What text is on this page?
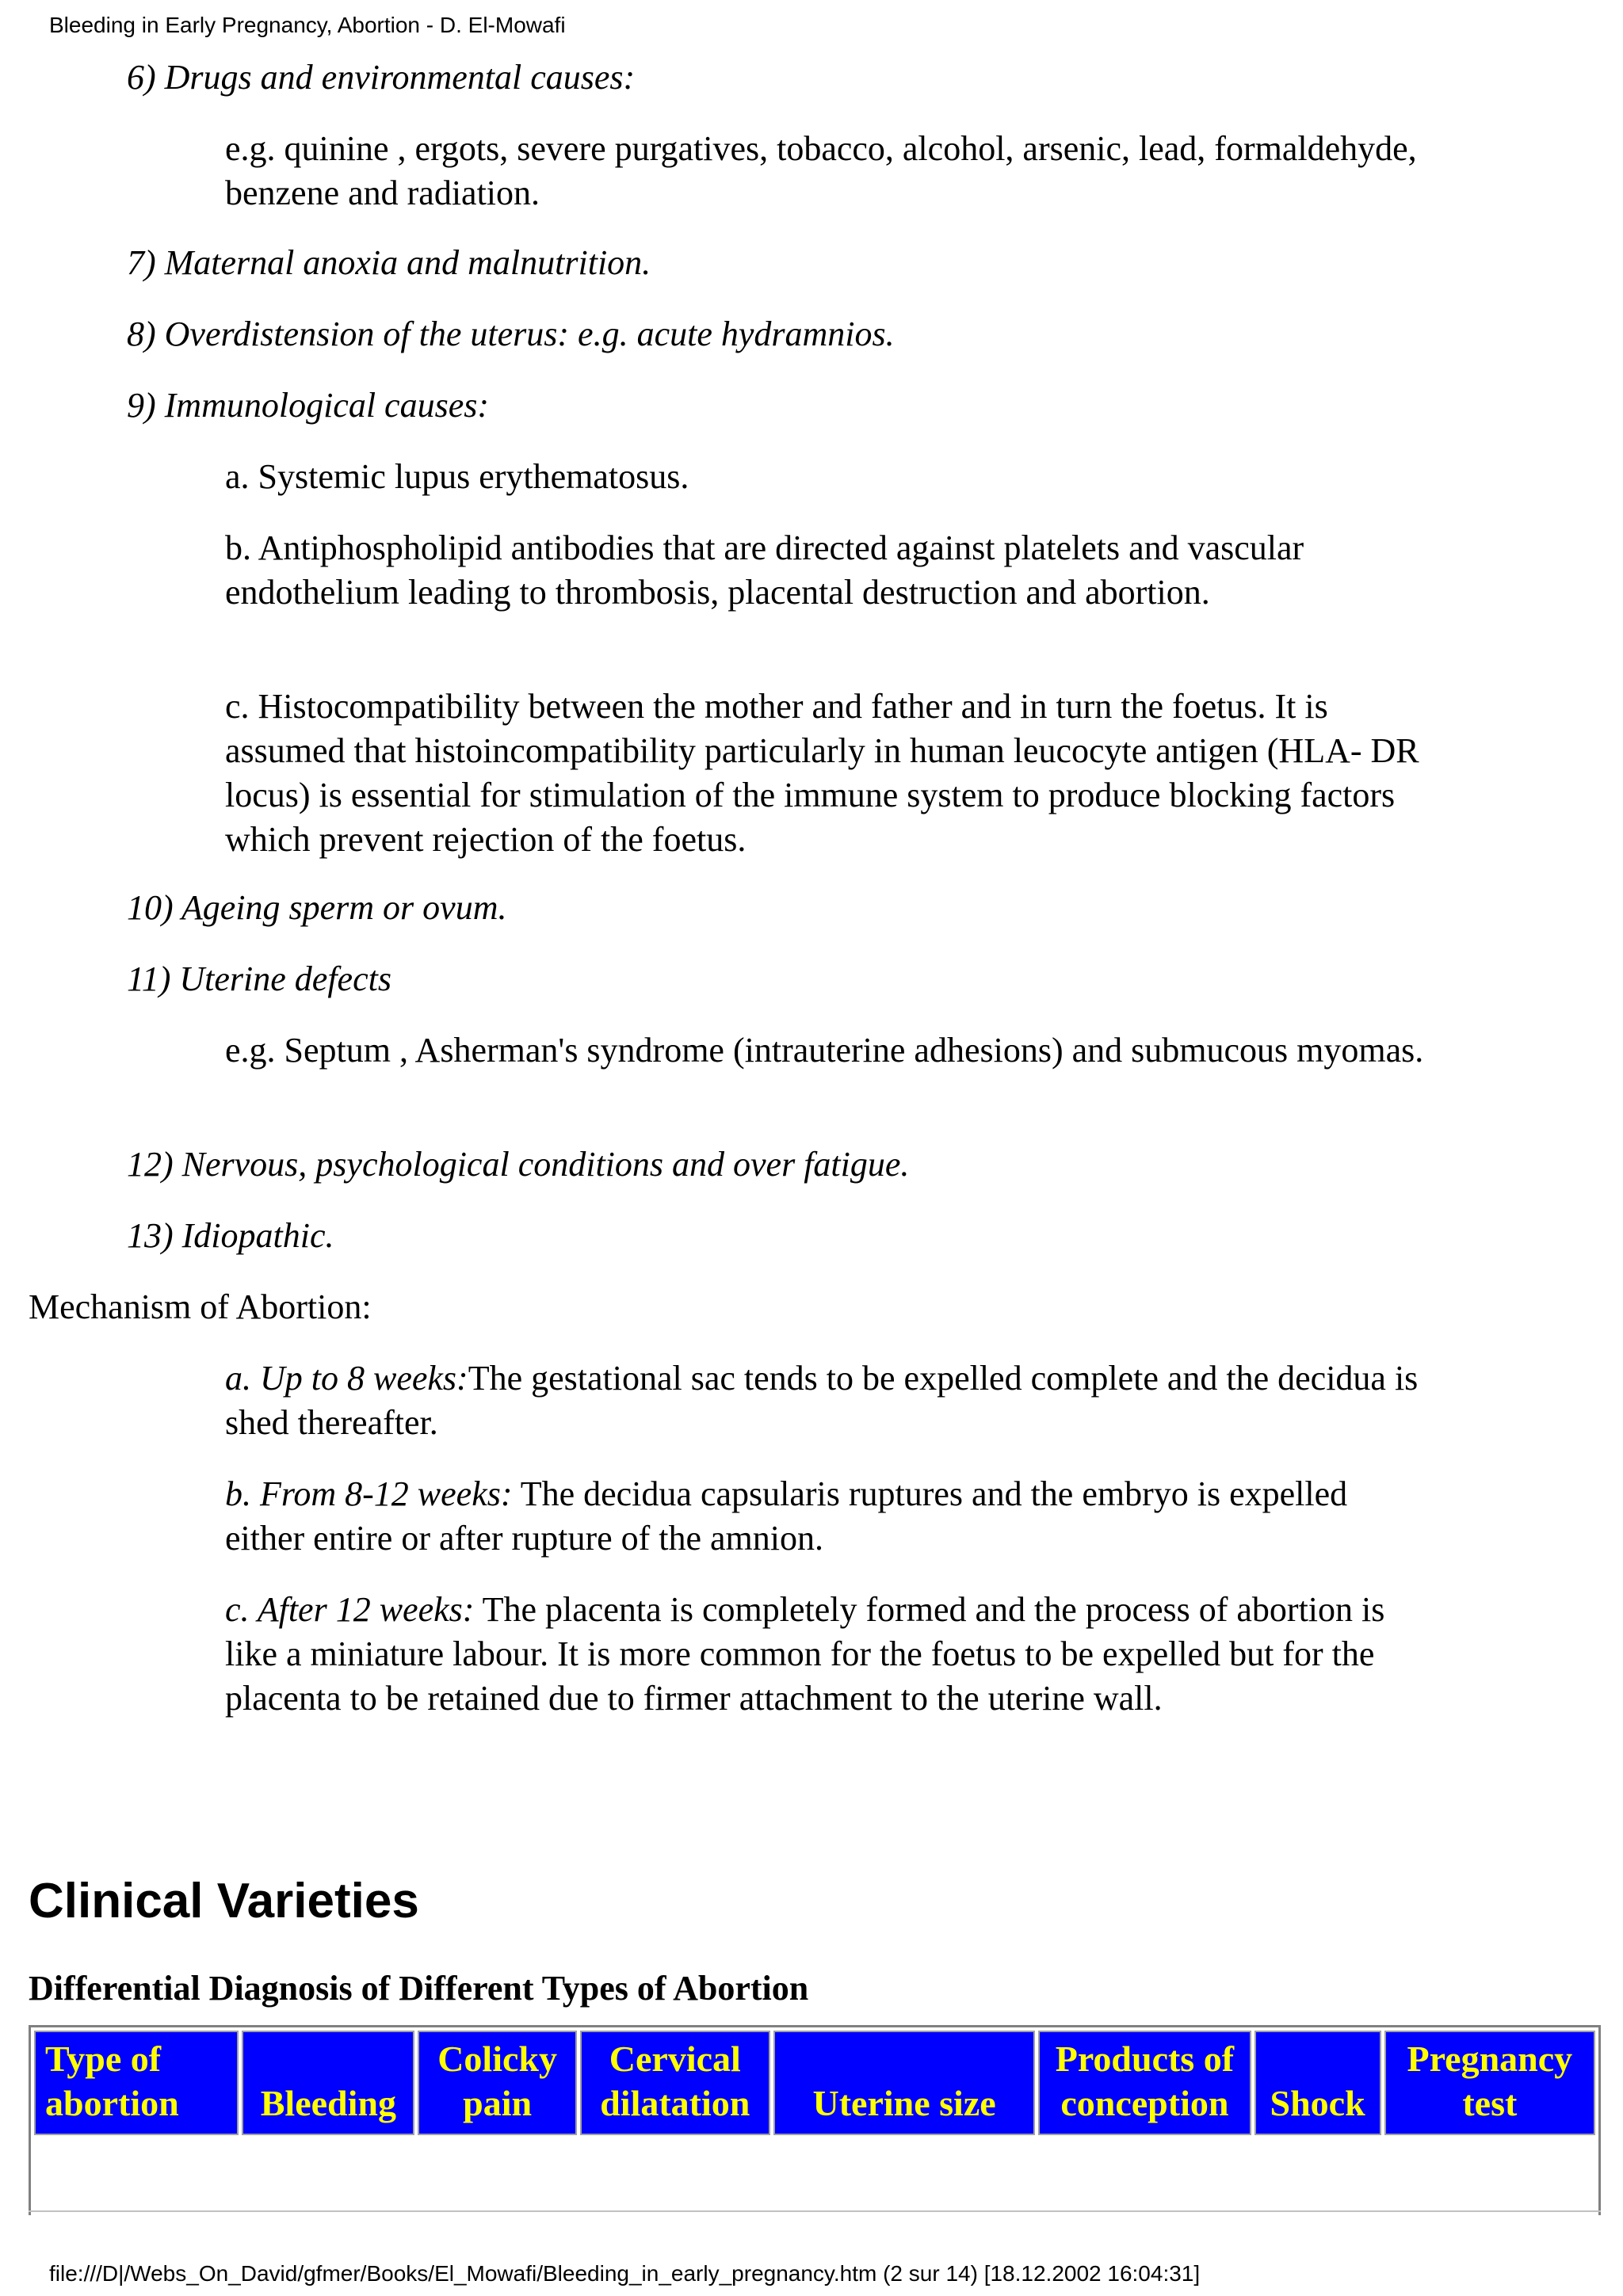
Bleeding in Early Pregnancy, Abortion - D. El-Mowafi
6) Drugs and environmental causes:
e.g. quinine , ergots, severe purgatives, tobacco, alcohol, arsenic, lead, formaldehyde, benzene and radiation.
7) Maternal anoxia and malnutrition.
8) Overdistension of the uterus: e.g. acute hydramnios.
9) Immunological causes:
a. Systemic lupus erythematosus.
b. Antiphospholipid antibodies that are directed against platelets and vascular endothelium leading to thrombosis, placental destruction and abortion.
c. Histocompatibility between the mother and father and in turn the foetus. It is assumed that histoincompatibility particularly in human leucocyte antigen (HLA- DR locus) is essential for stimulation of the immune system to produce blocking factors which prevent rejection of the foetus.
10) Ageing sperm or ovum.
11) Uterine defects
e.g. Septum , Asherman's syndrome (intrauterine adhesions) and submucous myomas.
12) Nervous, psychological conditions and over fatigue.
13) Idiopathic.
Mechanism of Abortion:
a. Up to 8 weeks:The gestational sac tends to be expelled complete and the decidua is shed thereafter.
b. From 8-12 weeks: The decidua capsularis ruptures and the embryo is expelled either entire or after rupture of the amnion.
c. After 12 weeks: The placenta is completely formed and the process of abortion is like a miniature labour. It is more common for the foetus to be expelled but for the placenta to be retained due to firmer attachment to the uterine wall.
Clinical Varieties
Differential Diagnosis of Different Types of Abortion
Type of abortion	Bleeding	Colicky pain	Cervical dilatation	Uterine size	Products of conception	Shock	Pregnancy test

file:///D|/Webs_On_David/gfmer/Books/El_Mowafi/Bleeding_in_early_pregnancy.htm (2 sur 14) [18.12.2002 16:04:31]
